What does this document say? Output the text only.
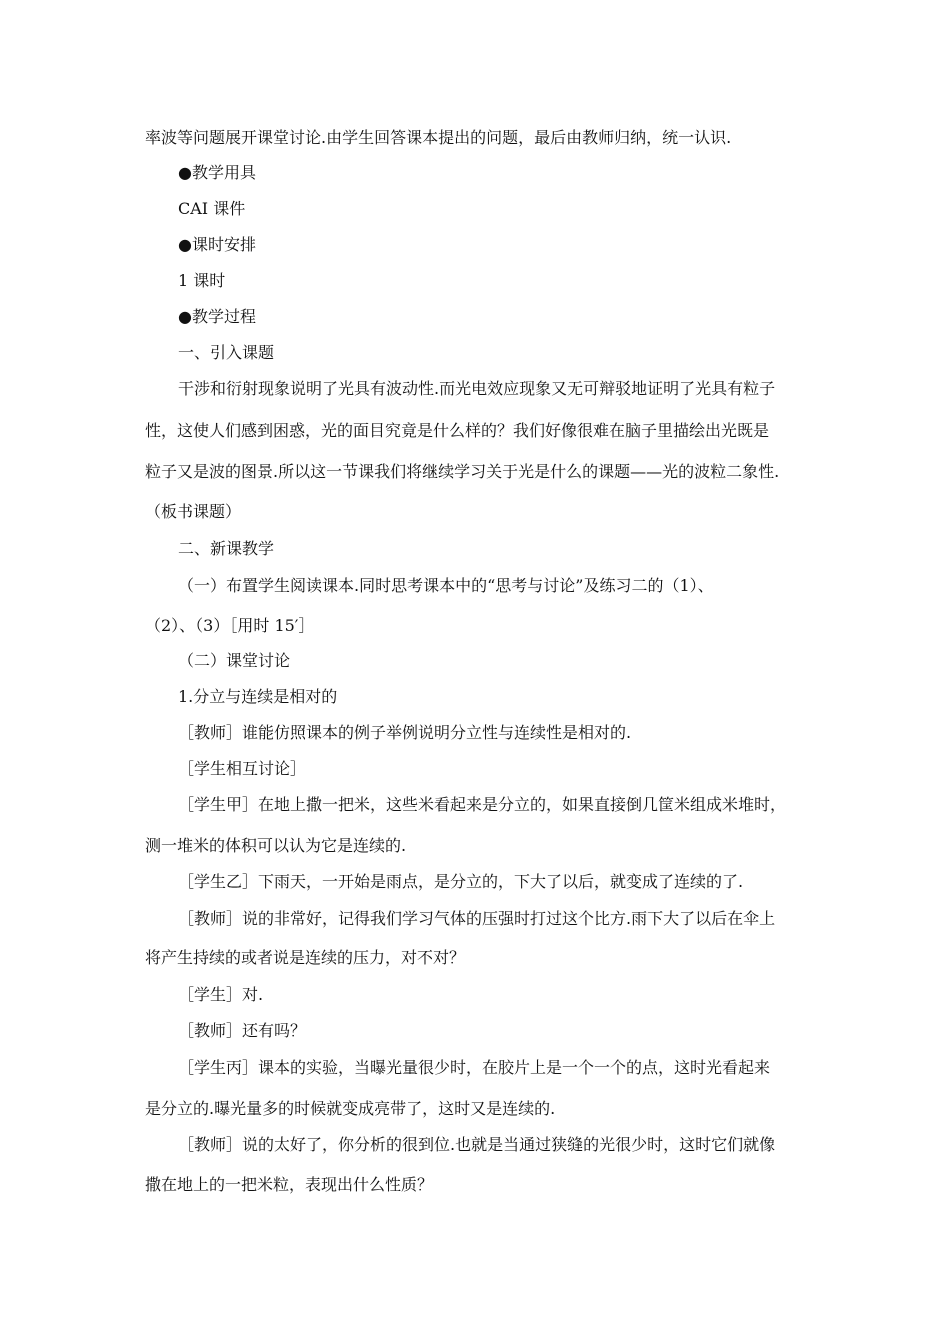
率波等问题展开课堂讨论.由学生回答课本提出的问题，最后由教师归纳，统一认识.
●教学用具
CAI 课件
●课时安排
1 课时
●教学过程
一、引入课题
干涉和衍射现象说明了光具有波动性.而光电效应现象又无可辩驳地证明了光具有粒子
性，这使人们感到困惑，光的面目究竟是什么样的？我们好像很难在脑子里描绘出光既是
粒子又是波的图景.所以这一节课我们将继续学习关于光是什么的课题——光的波粒二象性.
（板书课题）
二、新课教学
（一）布置学生阅读课本.同时思考课本中的“思考与讨论”及练习二的（1）、
（2）、（3）［用时 15′］
（二）课堂讨论
1.分立与连续是相对的
［教师］谁能仿照课本的例子举例说明分立性与连续性是相对的.
［学生相互讨论］
［学生甲］在地上撒一把米，这些米看起来是分立的，如果直接倒几筐米组成米堆时，
测一堆米的体积可以认为它是连续的.
［学生乙］下雨天，一开始是雨点，是分立的，下大了以后，就变成了连续的了.
［教师］说的非常好，记得我们学习气体的压强时打过这个比方.雨下大了以后在伞上
将产生持续的或者说是连续的压力，对不对？
［学生］对.
［教师］还有吗？
［学生丙］课本的实验，当曝光量很少时，在胶片上是一个一个的点，这时光看起来
是分立的.曝光量多的时候就变成亮带了，这时又是连续的.
［教师］说的太好了，你分析的很到位.也就是当通过狭缝的光很少时，这时它们就像
撒在地上的一把米粒，表现出什么性质？
